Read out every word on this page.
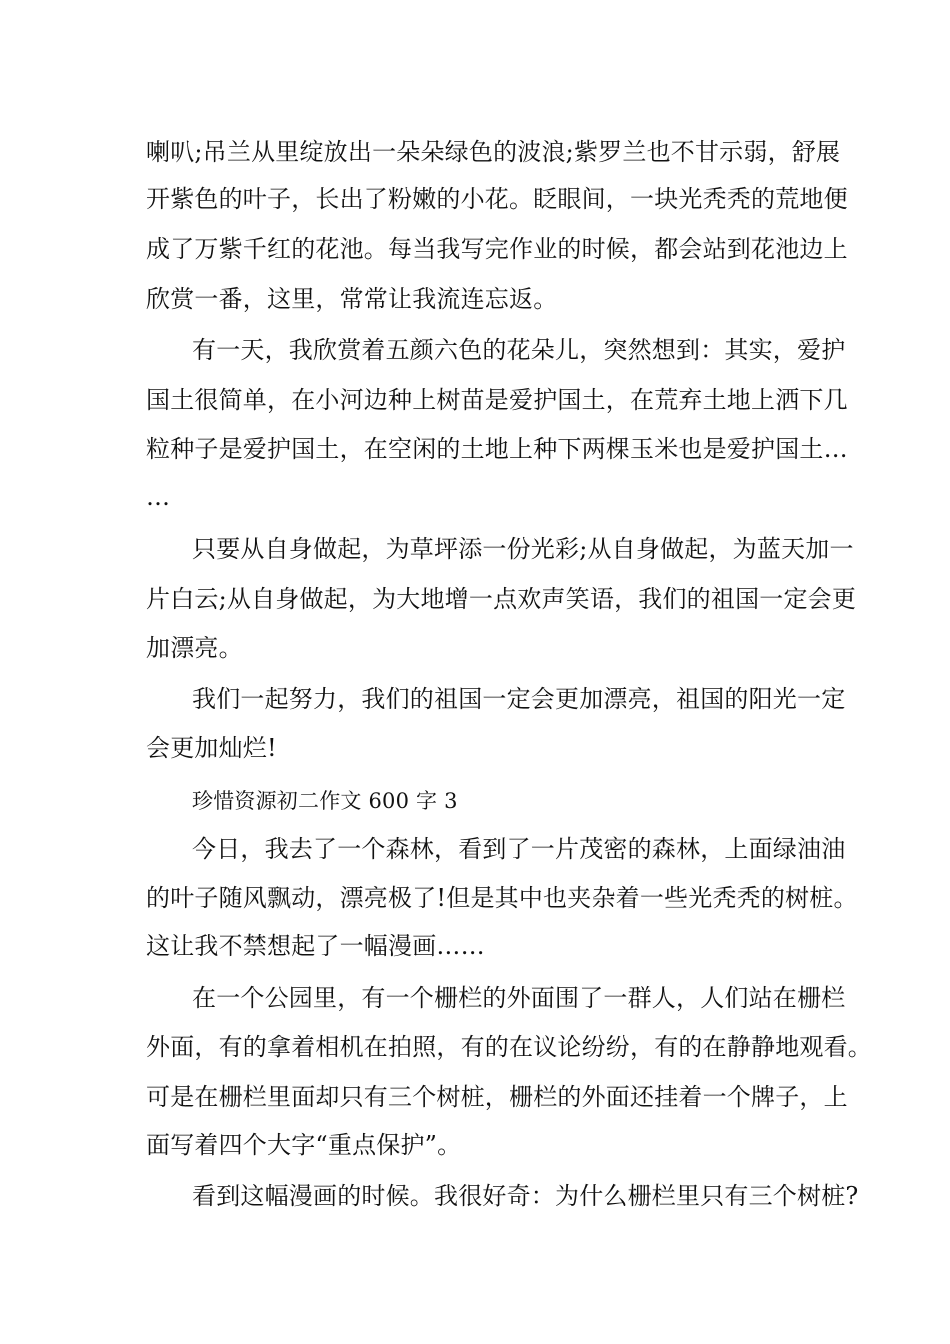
喇叭;吊兰从里绽放出一朵朵绿色的波浪;紫罗兰也不甘示弱，舒展
开紫色的叶子，长出了粉嫩的小花。眨眼间，一块光秃秃的荒地便
成了万紫千红的花池。每当我写完作业的时候，都会站到花池边上
欣赏一番，这里，常常让我流连忘返。
有一天，我欣赏着五颜六色的花朵儿，突然想到：其实，爱护
国土很简单，在小河边种上树苗是爱护国土，在荒弃土地上洒下几
粒种子是爱护国土，在空闲的土地上种下两棵玉米也是爱护国土…
…
只要从自身做起，为草坪添一份光彩;从自身做起，为蓝天加一
片白云;从自身做起，为大地增一点欢声笑语，我们的祖国一定会更
加漂亮。
我们一起努力，我们的祖国一定会更加漂亮，祖国的阳光一定
会更加灿烂!
珍惜资源初二作文 600 字 3
今日，我去了一个森林，看到了一片茂密的森林，上面绿油油
的叶子随风飘动，漂亮极了!但是其中也夹杂着一些光秃秃的树桩。
这让我不禁想起了一幅漫画……
在一个公园里，有一个栅栏的外面围了一群人，人们站在栅栏
外面，有的拿着相机在拍照，有的在议论纷纷，有的在静静地观看。
可是在栅栏里面却只有三个树桩，栅栏的外面还挂着一个牌子，上
面写着四个大字“重点保护”。
看到这幅漫画的时候。我很好奇：为什么栅栏里只有三个树桩?
